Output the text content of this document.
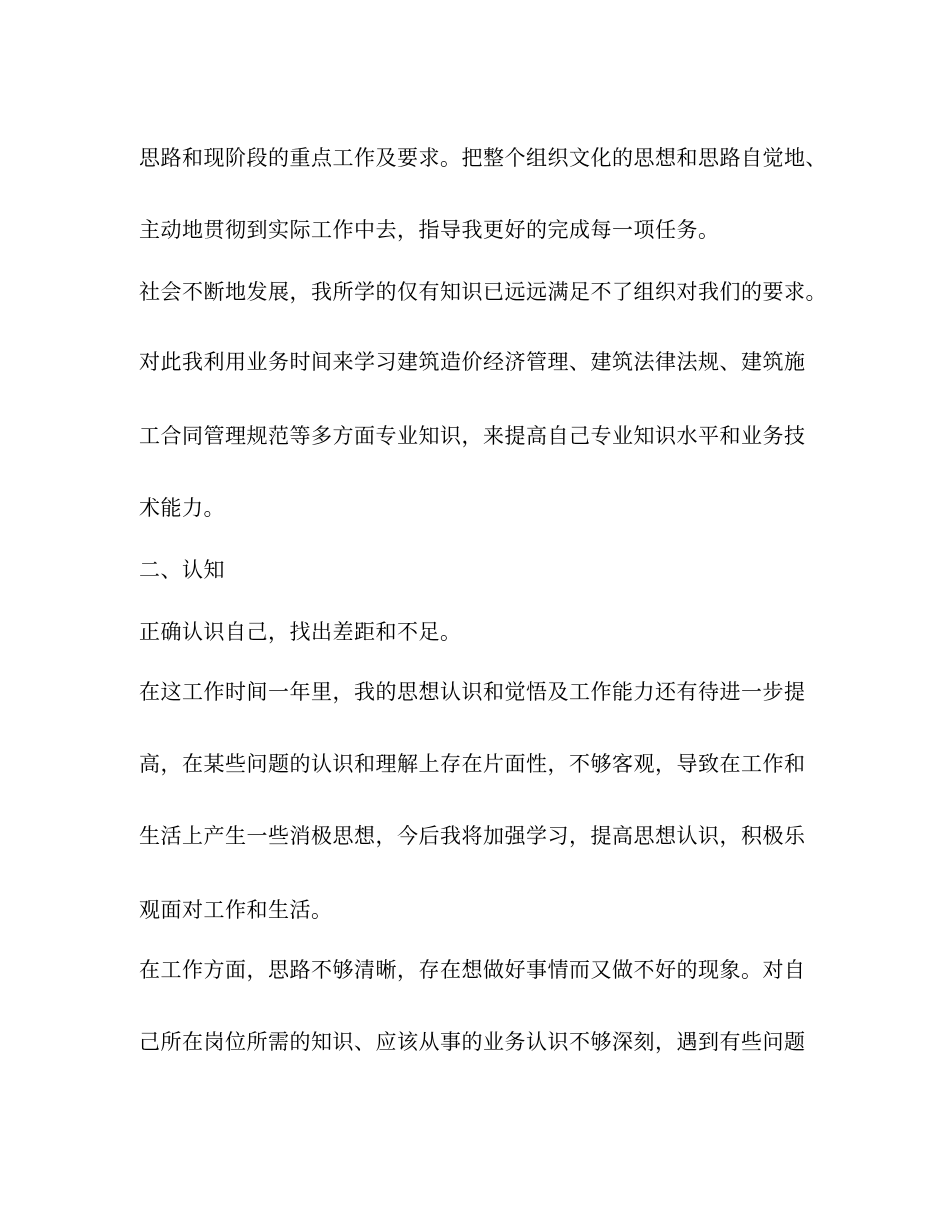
思路和现阶段的重点工作及要求。把整个组织文化的思想和思路自觉地、
主动地贯彻到实际工作中去，指导我更好的完成每一项任务。
社会不断地发展，我所学的仅有知识已远远满足不了组织对我们的要求。
对此我利用业务时间来学习建筑造价经济管理、建筑法律法规、建筑施
工合同管理规范等多方面专业知识，来提高自己专业知识水平和业务技
术能力。
二、认知
正确认识自己，找出差距和不足。
在这工作时间一年里，我的思想认识和觉悟及工作能力还有待进一步提
高，在某些问题的认识和理解上存在片面性，不够客观，导致在工作和
生活上产生一些消极思想，今后我将加强学习，提高思想认识，积极乐
观面对工作和生活。
在工作方面，思路不够清晰，存在想做好事情而又做不好的现象。对自
己所在岗位所需的知识、应该从事的业务认识不够深刻，遇到有些问题
